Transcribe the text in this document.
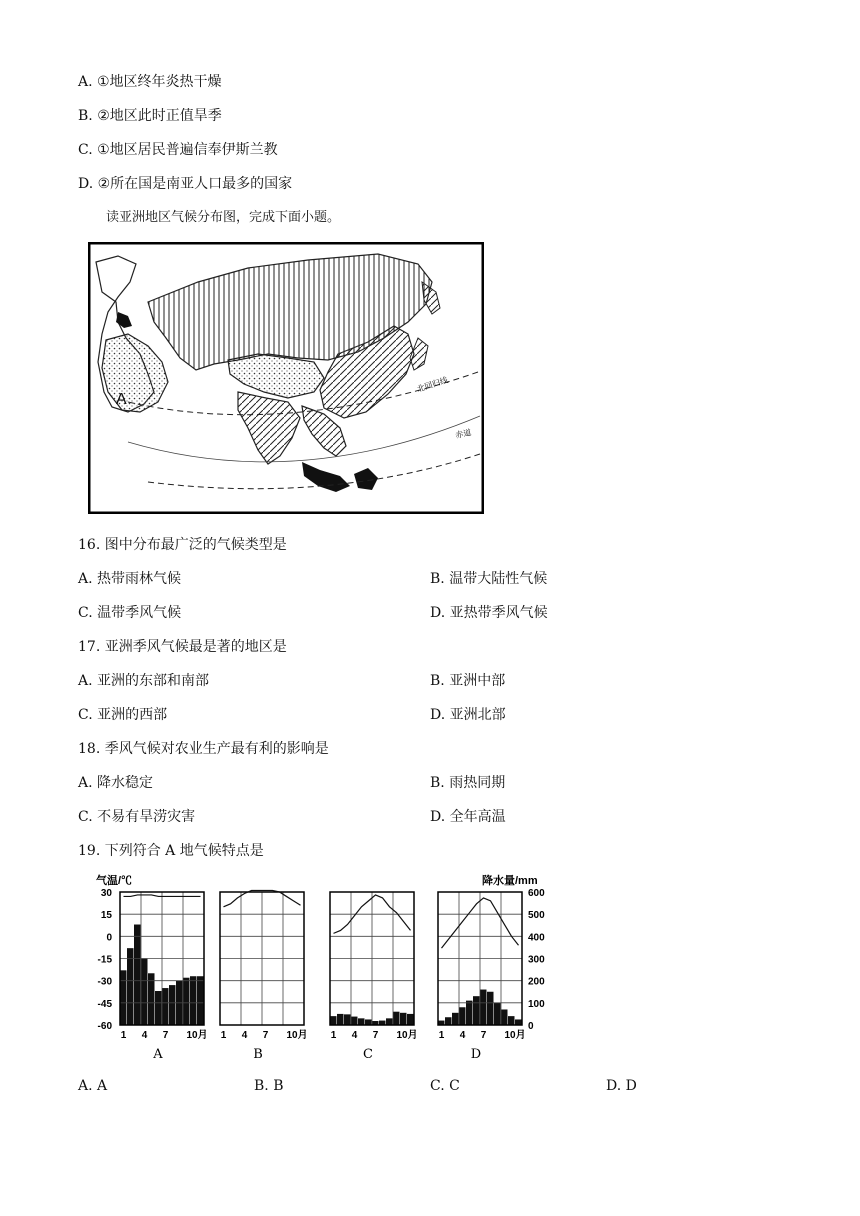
A. ①地区终年炎热干燥
B. ②地区此时正值旱季
C. ①地区居民普遍信奉伊斯兰教
D. ②所在国是南亚人口最多的国家
读亚洲地区气候分布图，完成下面小题。
A
北回归线
赤道
16. 图中分布最广泛的气候类型是
A. 热带雨林气候	B. 温带大陆性气候
C. 温带季风气候	D. 亚热带季风气候
17. 亚洲季风气候最是著的地区是
A. 亚洲的东部和南部	B. 亚洲中部
C. 亚洲的西部	D. 亚洲北部
18. 季风气候对农业生产最有利的影响是
A. 降水稳定	B. 雨热同期
C. 不易有旱涝灾害	D. 全年高温
19. 下列符合 A 地气候特点是
气温/℃	降水量/mm
30
15
0
-15
-30
-45
-60
600
500
400
300
200
100
0
1 4 7 10月
A
1 4 7 10月
B
1 4 7 10月
C
1 4 7 10月
D
A. A	B. B	C. C	D. D
